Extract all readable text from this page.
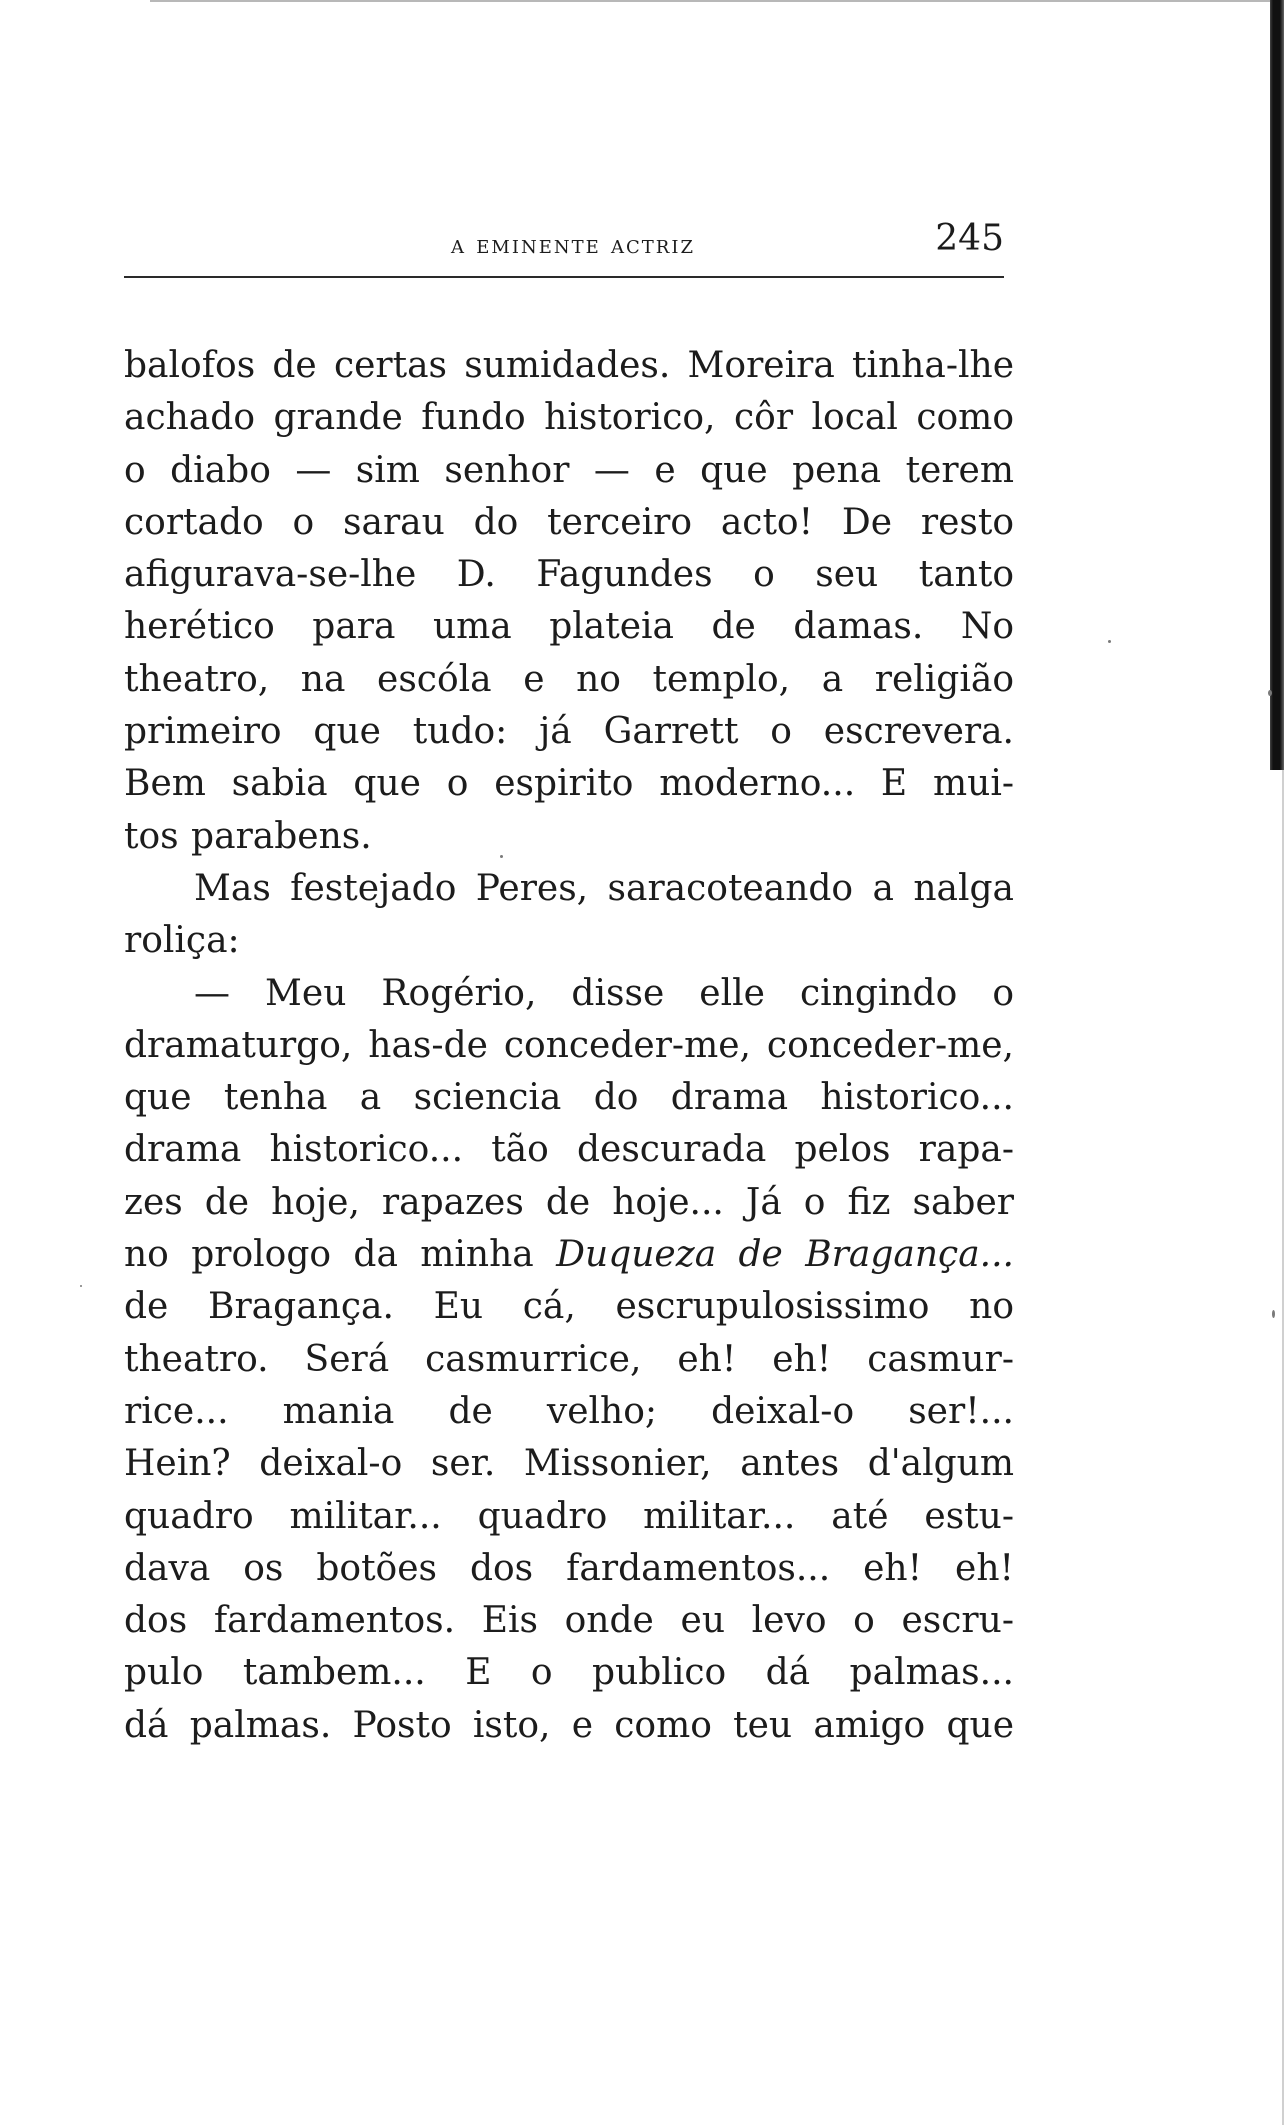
a eminente actriz	245
balofos de certas sumidades. Moreira tinha-lhe
achado grande fundo historico, côr local como
o diabo — sim senhor — e que pena terem
cortado o sarau do terceiro acto! De resto
afigurava-se-lhe D. Fagundes o seu tanto
herético para uma plateia de damas. No
theatro, na escóla e no templo, a religião
primeiro que tudo: já Garrett o escrevera.
Bem sabia que o espirito moderno... E mui-
tos parabens.
Mas festejado Peres, saracoteando a nalga
roliça:
— Meu Rogério, disse elle cingindo o
dramaturgo, has-de conceder-me, conceder-me,
que tenha a sciencia do drama historico...
drama historico... tão descurada pelos rapa-
zes de hoje, rapazes de hoje... Já o fiz saber
no prologo da minha Duqueza de Bragança...
de Bragança. Eu cá, escrupulosissimo no
theatro. Será casmurrice, eh! eh! casmur-
rice... mania de velho; deixal-o ser!...
Hein? deixal-o ser. Missonier, antes d'algum
quadro militar... quadro militar... até estu-
dava os botões dos fardamentos... eh! eh!
dos fardamentos. Eis onde eu levo o escru-
pulo tambem... E o publico dá palmas...
dá palmas. Posto isto, e como teu amigo que
